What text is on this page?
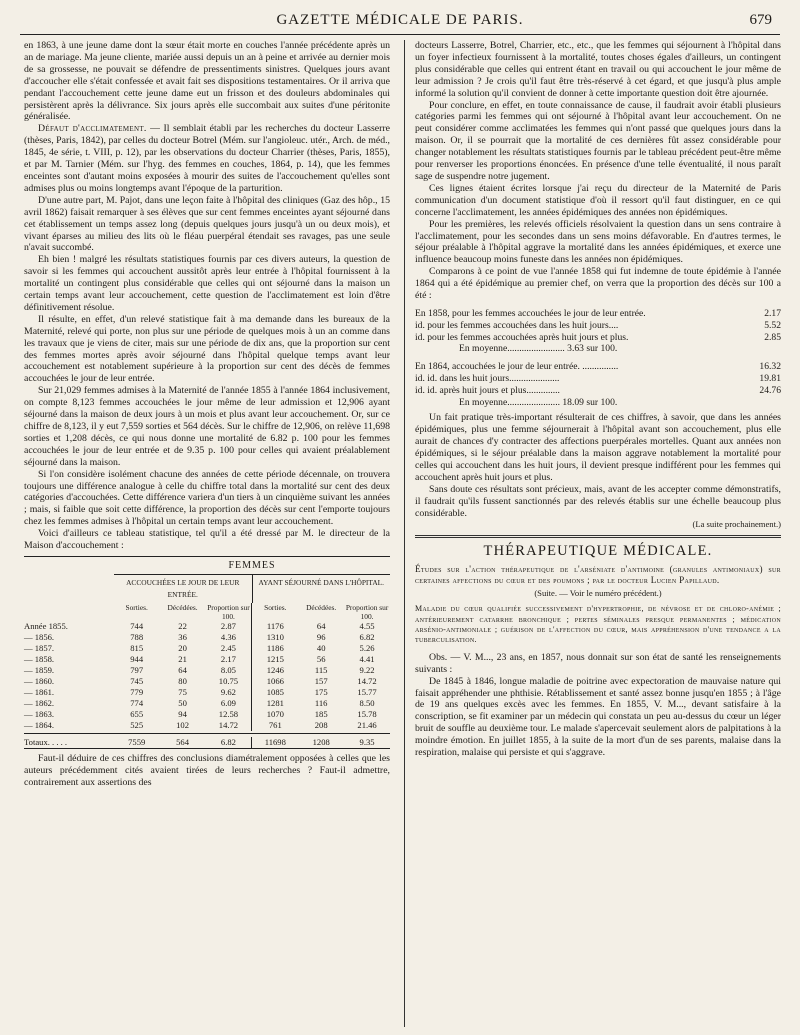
GAZETTE MÉDICALE DE PARIS.	679

en 1863, à une jeune dame dont la sœur était morte en couches l'année précédente après un an de mariage. Ma jeune cliente, mariée aussi depuis un an à peine et arrivée au dernier mois de sa grossesse, ne pouvait se défendre de pressentiments sinistres. Quelques jours avant d'accoucher elle s'était confessée et avait fait ses dispositions testamentaires. Or il arriva que pendant l'accouchement cette jeune dame eut un frisson et des douleurs abdominales qui persistèrent après la délivrance. Six jours après elle succombait aux suites d'une péritonite généralisée.

Défaut d'acclimatement. — Il semblait établi par les recherches du docteur Lasserre (thèses, Paris, 1842), par celles du docteur Botrel (Mém. sur l'angioleuc. utér., Arch. de méd., 1845, 4e série, t. VIII, p. 12), par les observations du docteur Charrier (thèses, Paris, 1855), et par M. Tarnier (Mém. sur l'hyg. des femmes en couches, 1864, p. 14), que les femmes enceintes sont d'autant moins exposées à mourir des suites de l'accouchement qu'elles sont admises plus ou moins longtemps avant l'époque de la parturition.

D'une autre part, M. Pajot, dans une leçon faite à l'hôpital des cliniques (Gaz des hôp., 15 avril 1862) faisait remarquer à ses élèves que sur cent femmes enceintes ayant séjourné dans cet établissement un temps assez long (depuis quelques jours jusqu'à un ou deux mois), et vivant éparses au milieu des lits où le fléau puerpéral étendait ses ravages, pas une seule n'avait succombé.

Eh bien ! malgré les résultats statistiques fournis par ces divers auteurs, la question de savoir si les femmes qui accouchent aussitôt après leur entrée à l'hôpital fournissent à la mortalité un contingent plus considérable que celles qui ont séjourné dans la maison un certain temps avant leur accouchement, cette question de l'acclimatement est loin d'être définitivement résolue.

Il résulte, en effet, d'un relevé statistique fait à ma demande dans les bureaux de la Maternité, relevé qui porte, non plus sur une période de quelques mois à un an comme dans les travaux que je viens de citer, mais sur une période de dix ans, que la proportion sur cent des femmes mortes après avoir séjourné dans l'hôpital quelque temps avant leur accouchement est notablement supérieure à la proportion sur cent des décès de femmes accouchées le jour de leur entrée.

Sur 21,029 femmes admises à la Maternité de l'année 1855 à l'année 1864 inclusivement, on compte 8,123 femmes accouchées le jour même de leur admission et 12,906 ayant séjourné dans la maison de deux jours à un mois et plus avant leur accouchement. Or, sur ce chiffre de 8,123, il y eut 7,559 sorties et 564 décès. Sur le chiffre de 12,906, on relève 11,698 sorties et 1,208 décès, ce qui nous donne une mortalité de 6.82 p. 100 pour les femmes accouchées le jour de leur entrée et de 9.35 p. 100 pour celles qui avaient préalablement séjourné dans la maison.

Si l'on considère isolément chacune des années de cette période décennale, on trouvera toujours une différence analogue à celle du chiffre total dans la mortalité sur cent des deux catégories d'accouchées. Cette différence variera d'un tiers à un cinquième suivant les années ; mais, si faible que soit cette différence, la proportion des décès sur cent l'emporte toujours chez les femmes admises à l'hôpital un certain temps avant leur accouchement.

Voici d'ailleurs ce tableau statistique, tel qu'il a été dressé par M. le directeur de la Maison d'accouchement :

FEMMES
ACCOUCHÉES LE JOUR DE LEUR ENTRÉE.
AYANT SÉJOURNÉ DANS L'HÔPITAL.
Sorties.	Décédées.	Proportion sur 100.
Sorties.	Décédées.	Proportion sur 100.
Année 1855.	744	22	2.87	1176	64	4.55
— 1856.	788	36	4.36	1310	96	6.82
— 1857.	815	20	2.45	1186	40	5.26
— 1858.	944	21	2.17	1215	56	4.41
— 1859.	797	64	8.05	1246	115	9.22
— 1860.	745	80	10.75	1066	157	14.72
— 1861.	779	75	9.62	1085	175	15.77
— 1862.	774	50	6.09	1281	116	8.50
— 1863.	655	94	12.58	1070	185	15.78
— 1864.	525	102	14.72	761	208	21.46
Totaux. . . . .	7559	564	6.82	11698	1208	9.35

Faut-il déduire de ces chiffres des conclusions diamétralement opposées à celles que les auteurs précédemment cités avaient tirées de leurs recherches ? Faut-il admettre, contrairement aux assertions des

docteurs Lasserre, Botrel, Charrier, etc., etc., que les femmes qui séjournent à l'hôpital dans un foyer infectieux fournissent à la mortalité, toutes choses égales d'ailleurs, un contingent plus considérable que celles qui entrent étant en travail ou qui accouchent le jour même de leur admission ? Je crois qu'il faut être très-réservé à cet égard, et que jusqu'à plus ample informé la solution qu'il convient de donner à cette importante question doit être ajournée.

Pour conclure, en effet, en toute connaissance de cause, il faudrait avoir établi plusieurs catégories parmi les femmes qui ont séjourné à l'hôpital avant leur accouchement. On ne peut considérer comme acclimatées les femmes qui n'ont passé que quelques jours dans la maison. Or, il se pourrait que la mortalité de ces dernières fût assez considérable pour changer notablement les résultats statistiques fournis par le tableau précédent peut-être même pour renverser les proportions énoncées. En présence d'une telle éventualité, il nous paraît sage de suspendre notre jugement.

Ces lignes étaient écrites lorsque j'ai reçu du directeur de la Maternité de Paris communication d'un document statistique d'où il ressort qu'il faut distinguer, en ce qui concerne l'acclimatement, les années épidémiques des années non épidémiques.

Pour les premières, les relevés officiels résolvaient la question dans un sens contraire à l'acclimatement, pour les secondes dans un sens moins défavorable. En d'autres termes, le séjour préalable à l'hôpital aggrave la mortalité dans les années épidémiques, et exerce une influence beaucoup moins funeste dans les années non épidémiques.

Comparons à ce point de vue l'année 1858 qui fut indemne de toute épidémie à l'année 1864 qui a été épidémique au premier chef, on verra que la proportion des décès sur 100 a été :

En 1858, pour les femmes accouchées le jour de leur entrée.	2.17
id. pour les femmes accouchées dans les huit jours....	5.52
id. pour les femmes accouchées après huit jours et plus.	2.85
En moyenne........................ 3.63 sur 100.
En 1864, accouchées le jour de leur entrée. ...............	16.32
id. id. dans les huit jours.....................	19.81
id. id. après huit jours et plus..............	24.76
En moyenne...................... 18.09 sur 100.

Un fait pratique très-important résulterait de ces chiffres, à savoir, que dans les années épidémiques, plus une femme séjournerait à l'hôpital avant son accouchement, plus elle aurait de chances d'y contracter des affections puerpérales mortelles. Quant aux années non épidémiques, si le séjour préalable dans la maison aggrave notablement la mortalité pour celles qui accouchent dans les huit jours, il devient presque indifférent pour les femmes qui accouchent après huit jours et plus.

Sans doute ces résultats sont précieux, mais, avant de les accepter comme démonstratifs, il faudrait qu'ils fussent sanctionnés par des relevés établis sur une échelle beaucoup plus considérable.

(La suite prochainement.)
THÉRAPEUTIQUE MÉDICALE.

Études sur l'action thérapeutique de l'arséniate d'antimoine (granules antimoniaux) sur certaines affections du cœur et des poumons ; par le docteur Lucien Papillaud.

(Suite. — Voir le numéro précédent.)

Maladie du cœur qualifiée successivement d'hypertrophie, de névrose et de chloro-anémie ; antérieurement catarrhe bronchique ; pertes séminales presque permanentes ; médication arsénio-antimoniale ; guérison de l'affection du cœur, mais appréhension d'une tendance a la tuberculisation.

Obs. — V. M..., 23 ans, en 1857, nous donnait sur son état de santé les renseignements suivants :

De 1845 à 1846, longue maladie de poitrine avec expectoration de mauvaise nature qui faisait appréhender une phthisie. Rétablissement et santé assez bonne jusqu'en 1855 ; à l'âge de 19 ans quelques excès avec les femmes. En 1855, V. M..., devant satisfaire à la conscription, se fit examiner par un médecin qui constata un peu au-dessus du cœur un léger bruit de souffle au deuxième tour. Le malade s'apercevait seulement alors de palpitations à la moindre émotion. En juillet 1855, à la suite de la mort d'un de ses parents, malaise dans la respiration, malaise qui persiste et qui s'aggrave.
